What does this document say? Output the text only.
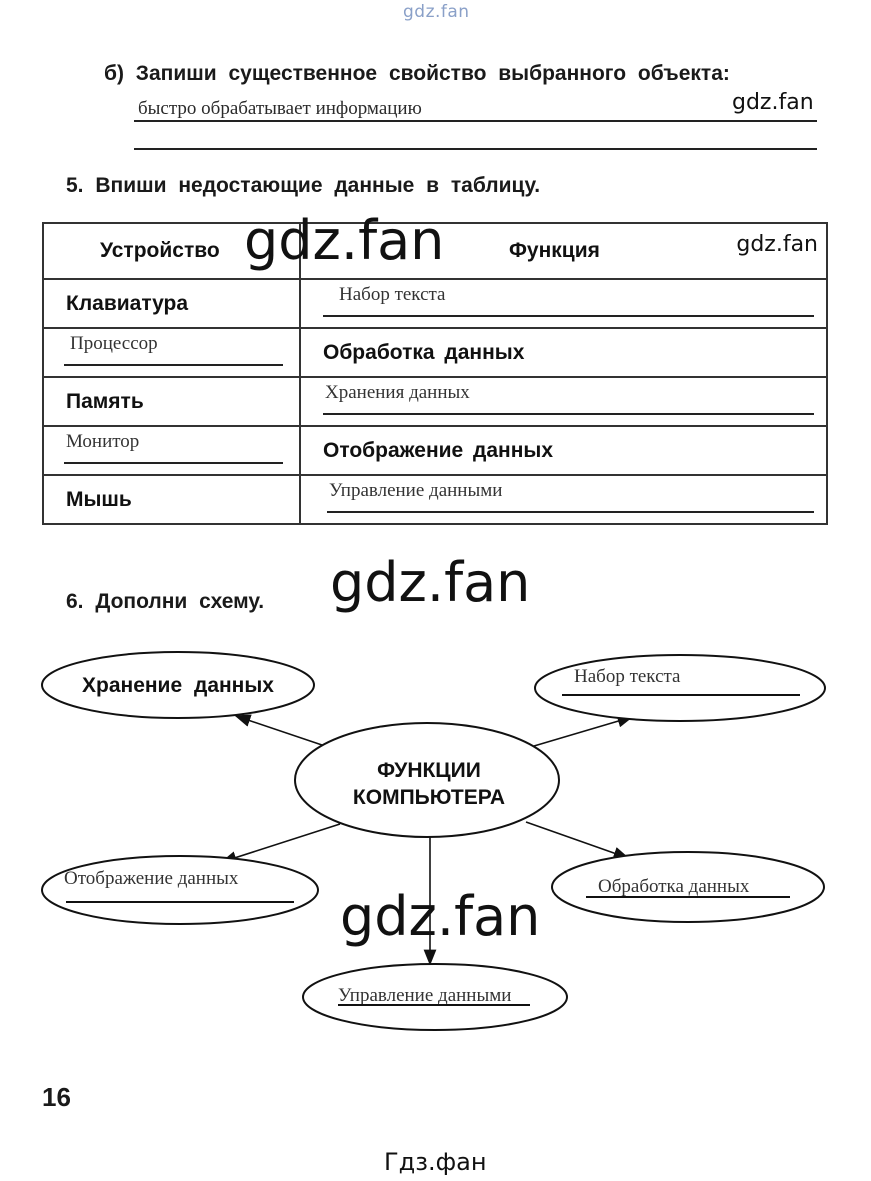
gdz.fan
б) Запиши существенное свойство выбранного объекта:
быстро обрабатывает информацию	gdz.fan
5. Впиши недостающие данные в таблицу.
Устройство	Функция gdz.fan

Клавиатура	Набор текста

Процессор	Обработка данных

Память	Хранения данных

Монитор	Отображение данных

Мышь	Управление данными
gdz.fan
6. Дополни схему. gdz.fan
ФУНКЦИИ
КОМПЬЮТЕРА
Хранение данных	Набор текста
Отображение данных	Обработка данных
Управление данными
gdz.fan
16
Гдз.фан
